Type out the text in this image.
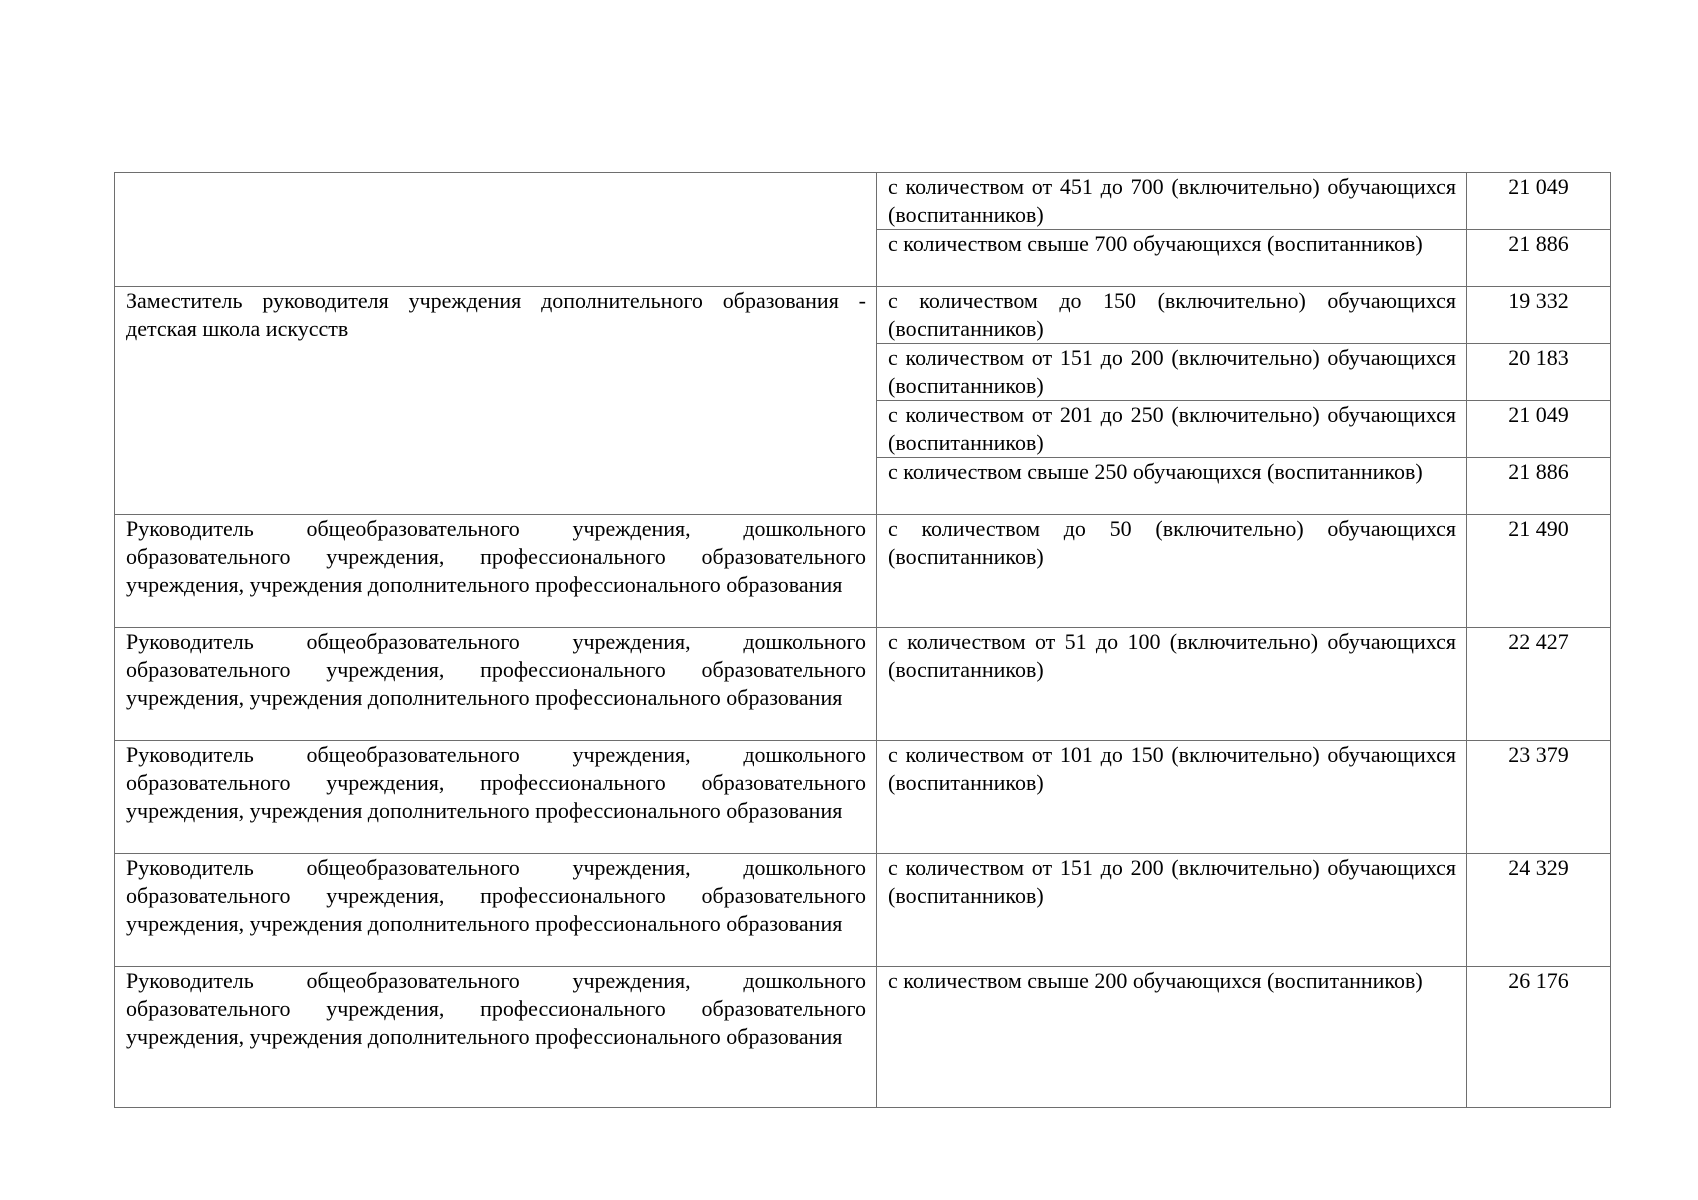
	с количеством от 451 до 700 (включительно) обучающихся (воспитанников)	21 049
	с количеством свыше 700 обучающихся (воспитанников)	21 886
Заместитель руководителя учреждения дополнительного образования - детская школа искусств	с количеством до 150 (включительно) обучающихся (воспитанников)	19 332
	с количеством от 151 до 200 (включительно) обучающихся (воспитанников)	20 183
	с количеством от 201 до 250 (включительно) обучающихся (воспитанников)	21 049
	с количеством свыше 250 обучающихся (воспитанников)	21 886
Руководитель общеобразовательного учреждения, дошкольного образовательного учреждения, профессионального образовательного учреждения, учреждения дополнительного профессионального образования	с количеством до 50 (включительно) обучающихся (воспитанников)	21 490
Руководитель общеобразовательного учреждения, дошкольного образовательного учреждения, профессионального образовательного учреждения, учреждения дополнительного профессионального образования	с количеством от 51 до 100 (включительно) обучающихся (воспитанников)	22 427
Руководитель общеобразовательного учреждения, дошкольного образовательного учреждения, профессионального образовательного учреждения, учреждения дополнительного профессионального образования	с количеством от 101 до 150 (включительно) обучающихся (воспитанников)	23 379
Руководитель общеобразовательного учреждения, дошкольного образовательного учреждения, профессионального образовательного учреждения, учреждения дополнительного профессионального образования	с количеством от 151 до 200 (включительно) обучающихся (воспитанников)	24 329
Руководитель общеобразовательного учреждения, дошкольного образовательного учреждения, профессионального образовательного учреждения, учреждения дополнительного профессионального образования	с количеством свыше 200 обучающихся (воспитанников)	26 176
